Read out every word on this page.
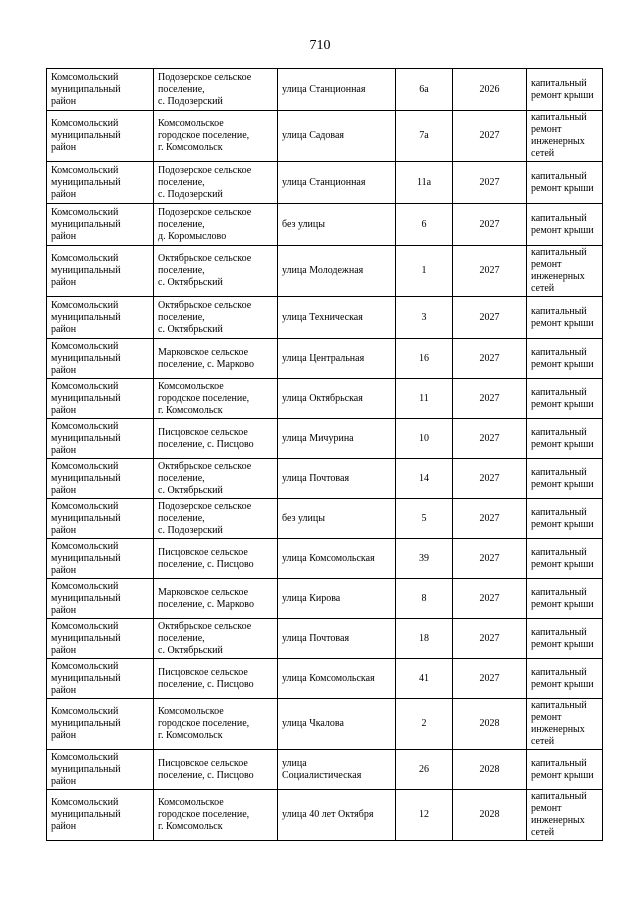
710
Комсомольский
муниципальный
район	Подозерское сельское
поселение,
с. Подозерский	улица Станционная	6а	2026	капитальный
ремонт крыши
Комсомольский
муниципальный
район	Комсомольское
городское поселение,
г. Комсомольск	улица Садовая	7а	2027	капитальный
ремонт
инженерных
сетей
Комсомольский
муниципальный
район	Подозерское сельское
поселение,
с. Подозерский	улица Станционная	11а	2027	капитальный
ремонт крыши
Комсомольский
муниципальный
район	Подозерское сельское
поселение,
д. Коромыслово	без улицы	6	2027	капитальный
ремонт крыши
Комсомольский
муниципальный
район	Октябрьское сельское
поселение,
с. Октябрьский	улица Молодежная	1	2027	капитальный
ремонт
инженерных
сетей
Комсомольский
муниципальный
район	Октябрьское сельское
поселение,
с. Октябрьский	улица Техническая	3	2027	капитальный
ремонт крыши
Комсомольский
муниципальный
район	Марковское сельское
поселение, с. Марково	улица Центральная	16	2027	капитальный
ремонт крыши
Комсомольский
муниципальный
район	Комсомольское
городское поселение,
г. Комсомольск	улица Октябрьская	11	2027	капитальный
ремонт крыши
Комсомольский
муниципальный
район	Писцовское сельское
поселение, с. Писцово	улица Мичурина	10	2027	капитальный
ремонт крыши
Комсомольский
муниципальный
район	Октябрьское сельское
поселение,
с. Октябрьский	улица Почтовая	14	2027	капитальный
ремонт крыши
Комсомольский
муниципальный
район	Подозерское сельское
поселение,
с. Подозерский	без улицы	5	2027	капитальный
ремонт крыши
Комсомольский
муниципальный
район	Писцовское сельское
поселение, с. Писцово	улица Комсомольская	39	2027	капитальный
ремонт крыши
Комсомольский
муниципальный
район	Марковское сельское
поселение, с. Марково	улица Кирова	8	2027	капитальный
ремонт крыши
Комсомольский
муниципальный
район	Октябрьское сельское
поселение,
с. Октябрьский	улица Почтовая	18	2027	капитальный
ремонт крыши
Комсомольский
муниципальный
район	Писцовское сельское
поселение, с. Писцово	улица Комсомольская	41	2027	капитальный
ремонт крыши
Комсомольский
муниципальный
район	Комсомольское
городское поселение,
г. Комсомольск	улица Чкалова	2	2028	капитальный
ремонт
инженерных
сетей
Комсомольский
муниципальный
район	Писцовское сельское
поселение, с. Писцово	улица
Социалистическая	26	2028	капитальный
ремонт крыши
Комсомольский
муниципальный
район	Комсомольское
городское поселение,
г. Комсомольск	улица 40 лет Октября	12	2028	капитальный
ремонт
инженерных
сетей
